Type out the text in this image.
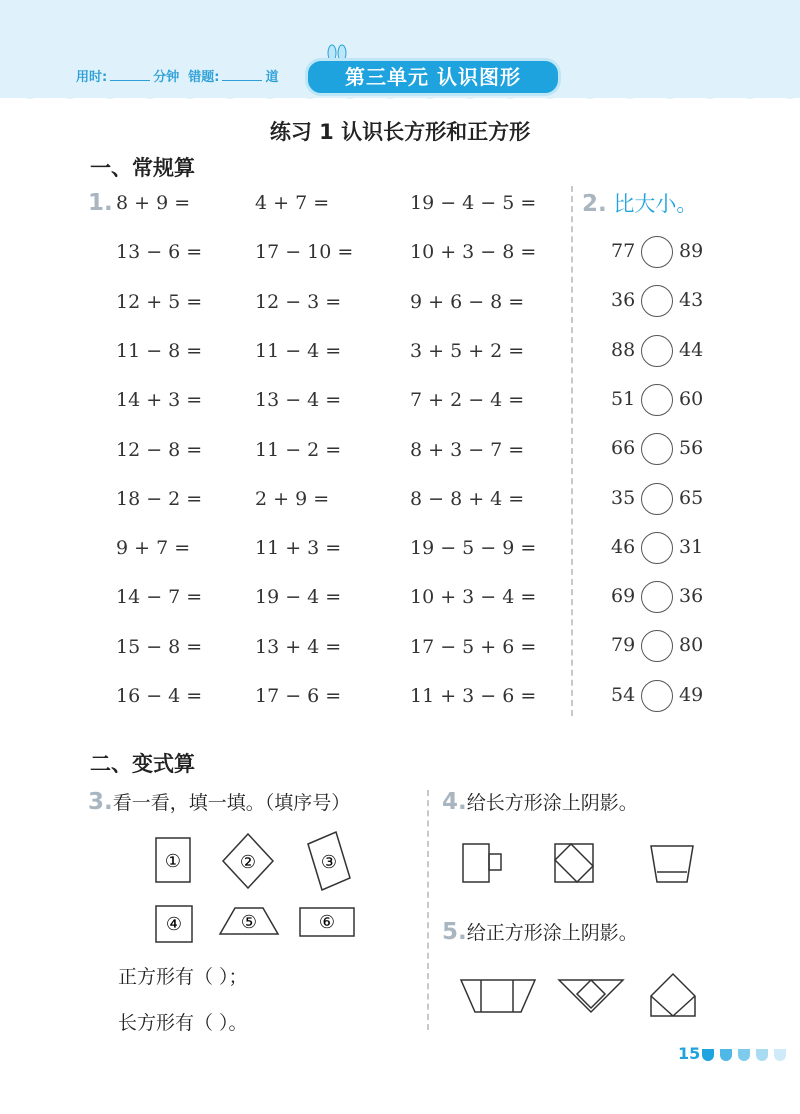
用时:	分钟 错题:	道	第三单元 认识图形
练习 1 认识长方形和正方形
一、常规算
1. 8 + 9 =	4 + 7 =	19 − 4 − 5 =
13 − 6 =	17 − 10 =	10 + 3 − 8 =
12 + 5 =	12 − 3 =	9 + 6 − 8 =
11 − 8 =	11 − 4 =	3 + 5 + 2 =
14 + 3 =	13 − 4 =	7 + 2 − 4 =
12 − 8 =	11 − 2 =	8 + 3 − 7 =
18 − 2 =	2 + 9 =	8 − 8 + 4 =
9 + 7 =	11 + 3 =	19 − 5 − 9 =
14 − 7 =	19 − 4 =	10 + 3 − 4 =
15 − 8 =	13 + 4 =	17 − 5 + 6 =
16 − 4 =	17 − 6 =	11 + 3 − 6 =
2. 比大小。
77 89
36 43
88 44
51 60
66 56
35 65
46 31
69 36
79 80
54 49
二、变式算
3.看一看，填一填。（填序号）
①	②	③
④	⑤	⑥
正方形有（ ）；
长方形有（ ）。
4.给长方形涂上阴影。
5.给正方形涂上阴影。
15
